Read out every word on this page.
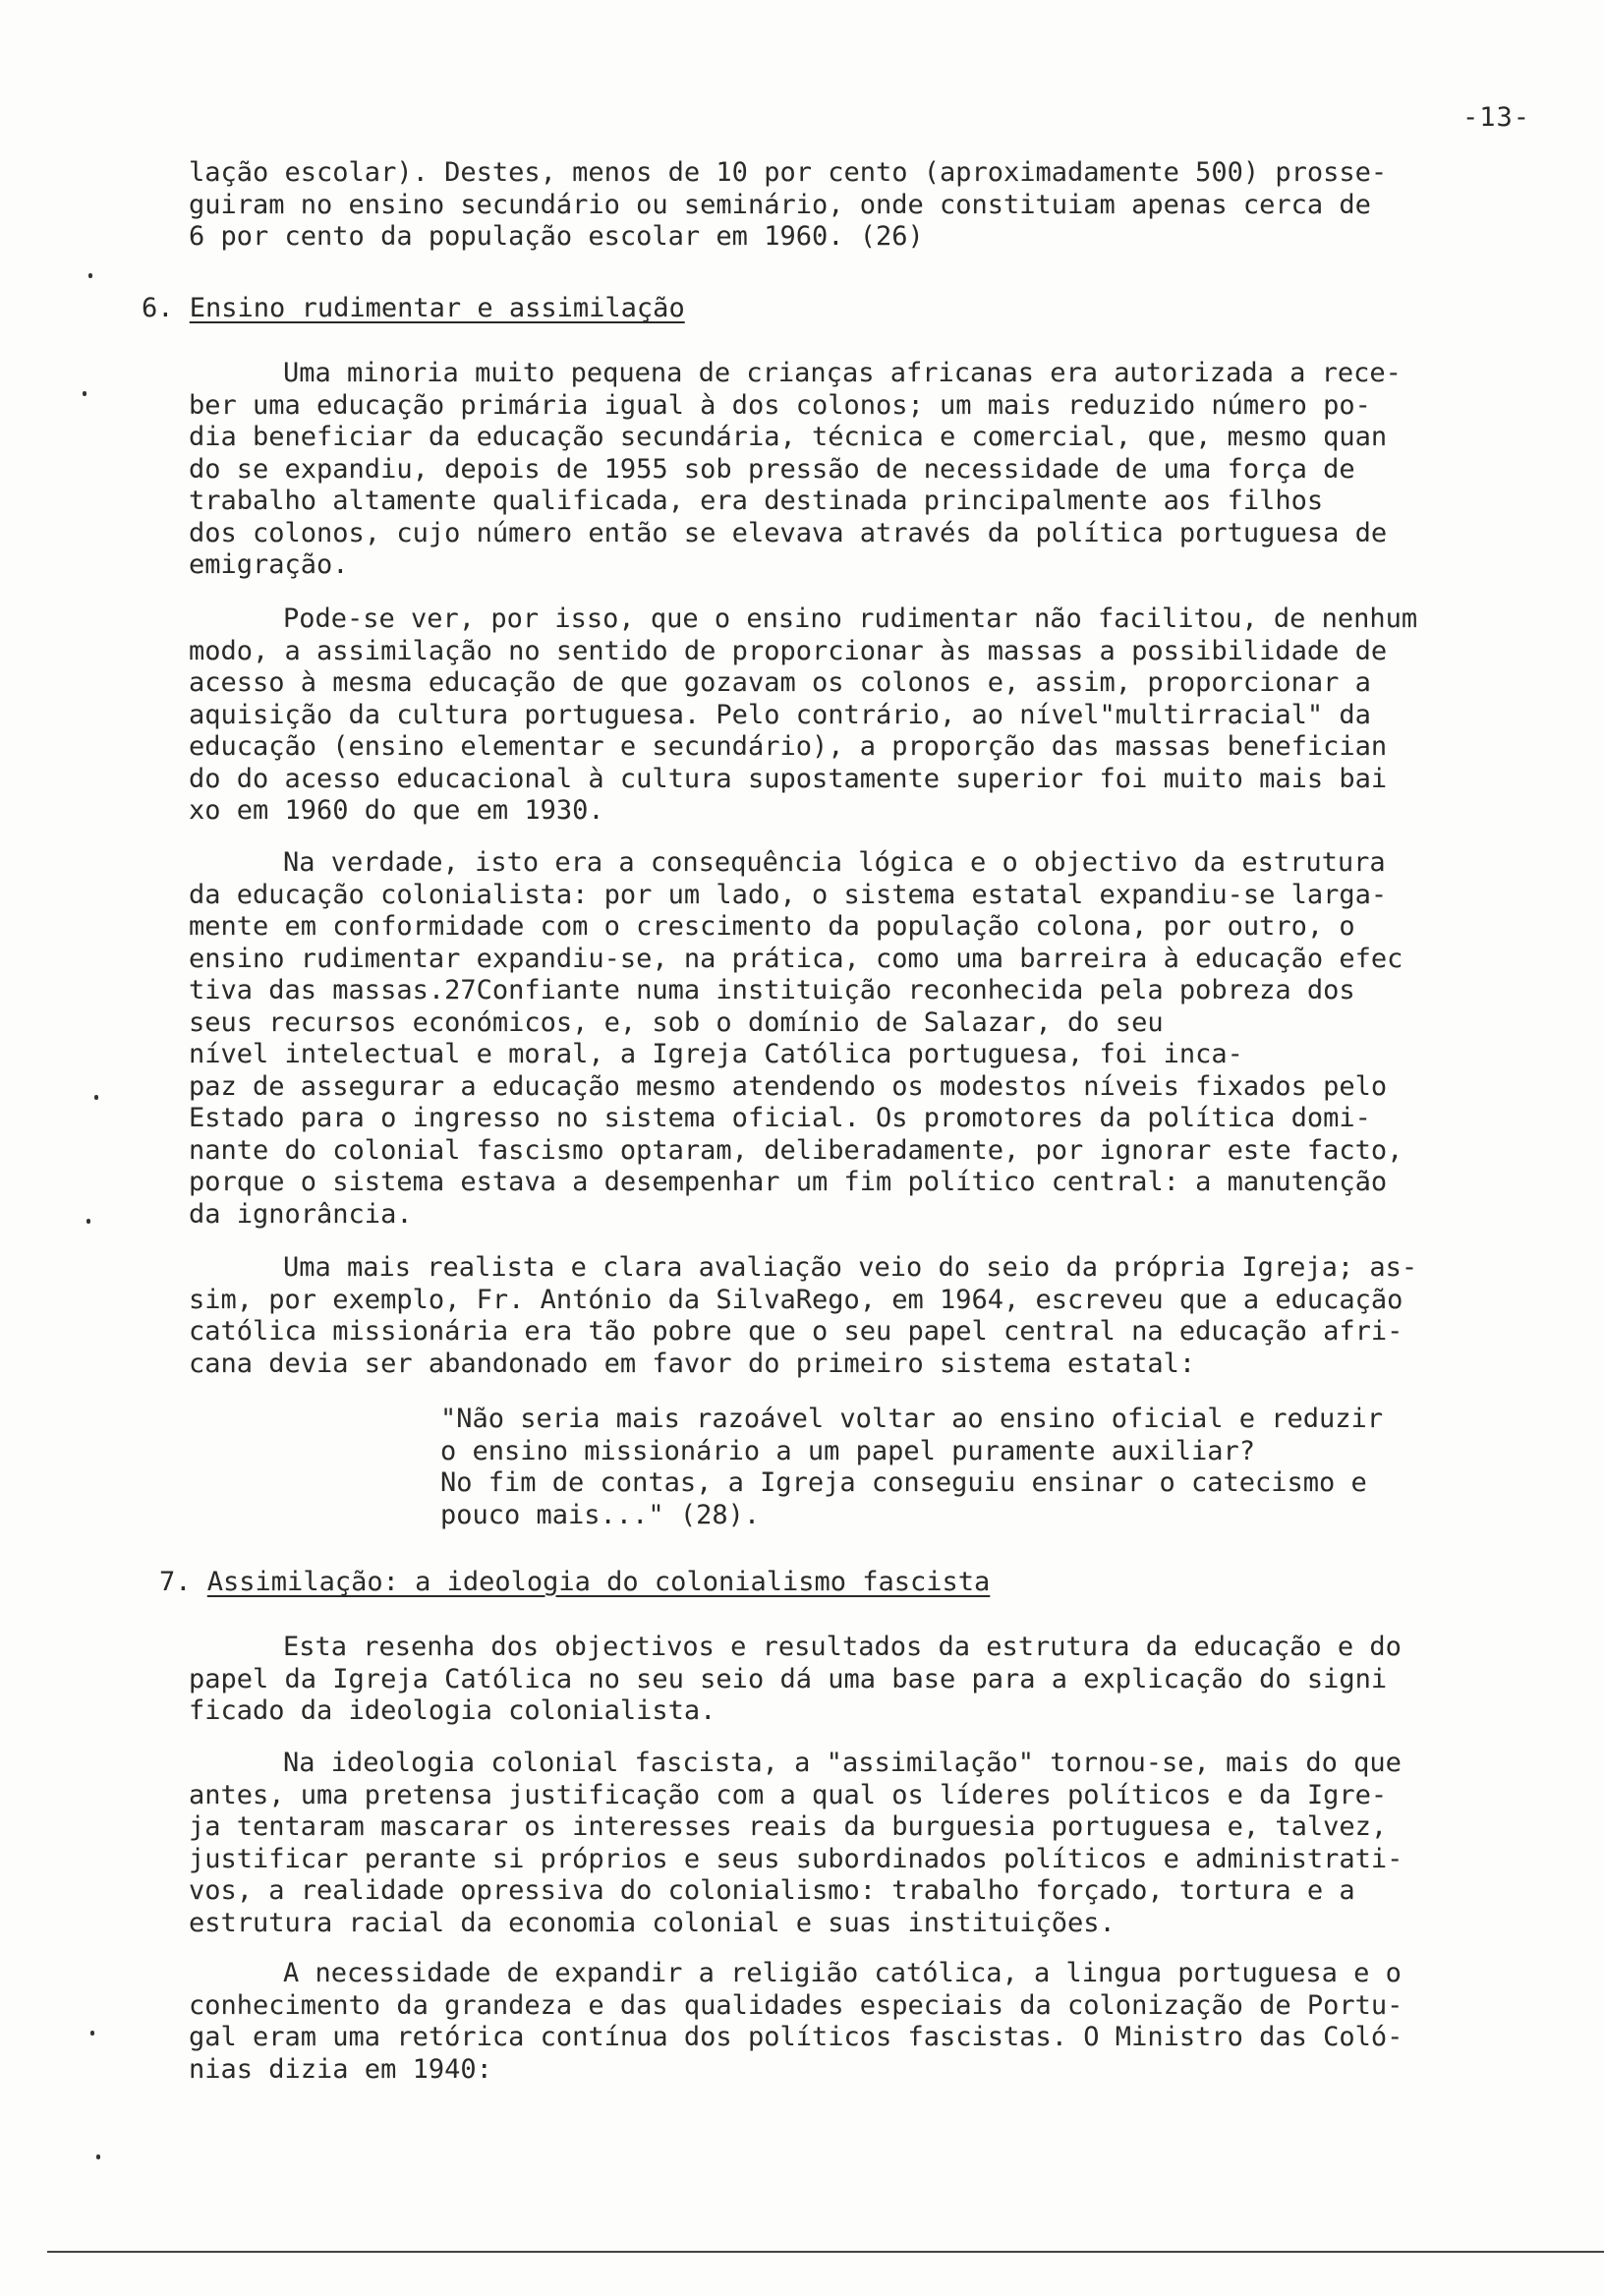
-13-
lação escolar). Destes, menos de 10 por cento (aproximadamente 500) prosse-
guiram no ensino secundário ou seminário, onde constituiam apenas cerca de
6 por cento da população escolar em 1960. (26)
6. Ensino rudimentar e assimilação
Uma minoria muito pequena de crianças africanas era autorizada a rece-
ber uma educação primária igual à dos colonos; um mais reduzido número po-
dia beneficiar da educação secundária, técnica e comercial, que, mesmo quan
do se expandiu, depois de 1955 sob pressão de necessidade de uma força de
trabalho altamente qualificada, era destinada principalmente aos filhos
dos colonos, cujo número então se elevava através da política portuguesa de
emigração.
Pode-se ver, por isso, que o ensino rudimentar não facilitou, de nenhum
modo, a assimilação no sentido de proporcionar às massas a possibilidade de
acesso à mesma educação de que gozavam os colonos e, assim, proporcionar a
aquisição da cultura portuguesa. Pelo contrário, ao nível"multirracial" da
educação (ensino elementar e secundário), a proporção das massas benefician
do do acesso educacional à cultura supostamente superior foi muito mais bai
xo em 1960 do que em 1930.
Na verdade, isto era a consequência lógica e o objectivo da estrutura
da educação colonialista: por um lado, o sistema estatal expandiu-se larga-
mente em conformidade com o crescimento da população colona, por outro, o
ensino rudimentar expandiu-se, na prática, como uma barreira à educação efec
tiva das massas.27Confiante numa instituição reconhecida pela pobreza dos
seus recursos económicos, e, sob o domínio de Salazar, do seu
nível intelectual e moral, a Igreja Católica portuguesa, foi inca-
paz de assegurar a educação mesmo atendendo os modestos níveis fixados pelo
Estado para o ingresso no sistema oficial. Os promotores da política domi-
nante do colonial fascismo optaram, deliberadamente, por ignorar este facto,
porque o sistema estava a desempenhar um fim político central: a manutenção
da ignorância.
Uma mais realista e clara avaliação veio do seio da própria Igreja; as-
sim, por exemplo, Fr. António da SilvaRego, em 1964, escreveu que a educação
católica missionária era tão pobre que o seu papel central na educação afri-
cana devia ser abandonado em favor do primeiro sistema estatal:
"Não seria mais razoável voltar ao ensino oficial e reduzir
o ensino missionário a um papel puramente auxiliar?
No fim de contas, a Igreja conseguiu ensinar o catecismo e
pouco mais..." (28).
7. Assimilação: a ideologia do colonialismo fascista
Esta resenha dos objectivos e resultados da estrutura da educação e do
papel da Igreja Católica no seu seio dá uma base para a explicação do signi
ficado da ideologia colonialista.
Na ideologia colonial fascista, a "assimilação" tornou-se, mais do que
antes, uma pretensa justificação com a qual os líderes políticos e da Igre-
ja tentaram mascarar os interesses reais da burguesia portuguesa e, talvez,
justificar perante si próprios e seus subordinados políticos e administrati-
vos, a realidade opressiva do colonialismo: trabalho forçado, tortura e a
estrutura racial da economia colonial e suas instituições.
A necessidade de expandir a religião católica, a lingua portuguesa e o
conhecimento da grandeza e das qualidades especiais da colonização de Portu-
gal eram uma retórica contínua dos políticos fascistas. O Ministro das Coló-
nias dizia em 1940:
